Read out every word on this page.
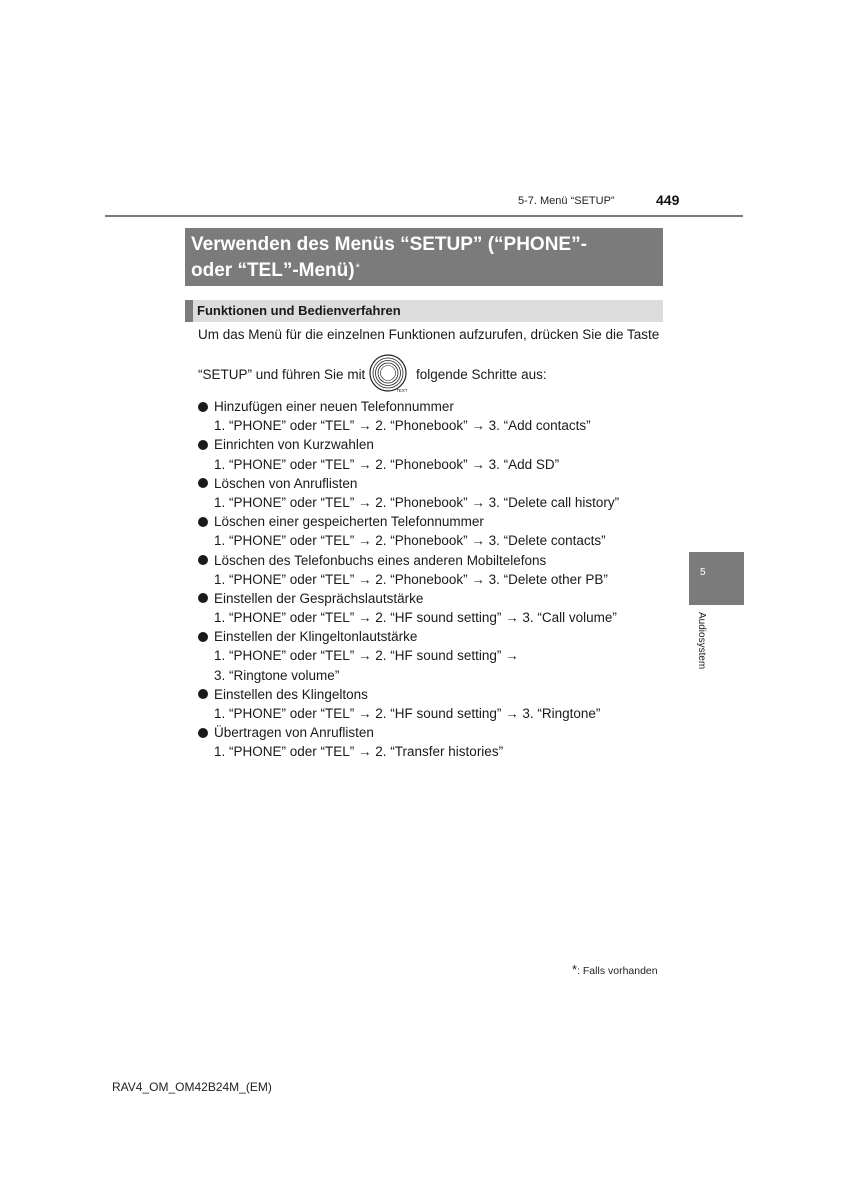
5-7. Menü “SETUP”	449
Verwenden des Menüs “SETUP” (“PHONE”-
oder “TEL”-Menü)*
Funktionen und Bedienverfahren
Um das Menü für die einzelnen Funktionen aufzurufen, drücken Sie die Taste
“SETUP” und führen Sie mit
TEXT
folgende Schritte aus:
Hinzufügen einer neuen Telefonnummer
1. “PHONE” oder “TEL” → 2. “Phonebook” → 3. “Add contacts”
Einrichten von Kurzwahlen
1. “PHONE” oder “TEL” → 2. “Phonebook” → 3. “Add SD”
Löschen von Anruflisten
1. “PHONE” oder “TEL” → 2. “Phonebook” → 3. “Delete call history”
Löschen einer gespeicherten Telefonnummer
1. “PHONE” oder “TEL” → 2. “Phonebook” → 3. “Delete contacts”
Löschen des Telefonbuchs eines anderen Mobiltelefons
1. “PHONE” oder “TEL” → 2. “Phonebook” → 3. “Delete other PB”
Einstellen der Gesprächslautstärke
1. “PHONE” oder “TEL” → 2. “HF sound setting” → 3. “Call volume”
Einstellen der Klingeltonlautstärke
1. “PHONE” oder “TEL” → 2. “HF sound setting” →
3. “Ringtone volume”
Einstellen des Klingeltons
1. “PHONE” oder “TEL” → 2. “HF sound setting” → 3. “Ringtone”
Übertragen von Anruflisten
1. “PHONE” oder “TEL” → 2. “Transfer histories”
5
Audiosystem
*: Falls vorhanden
RAV4_OM_OM42B24M_(EM)
